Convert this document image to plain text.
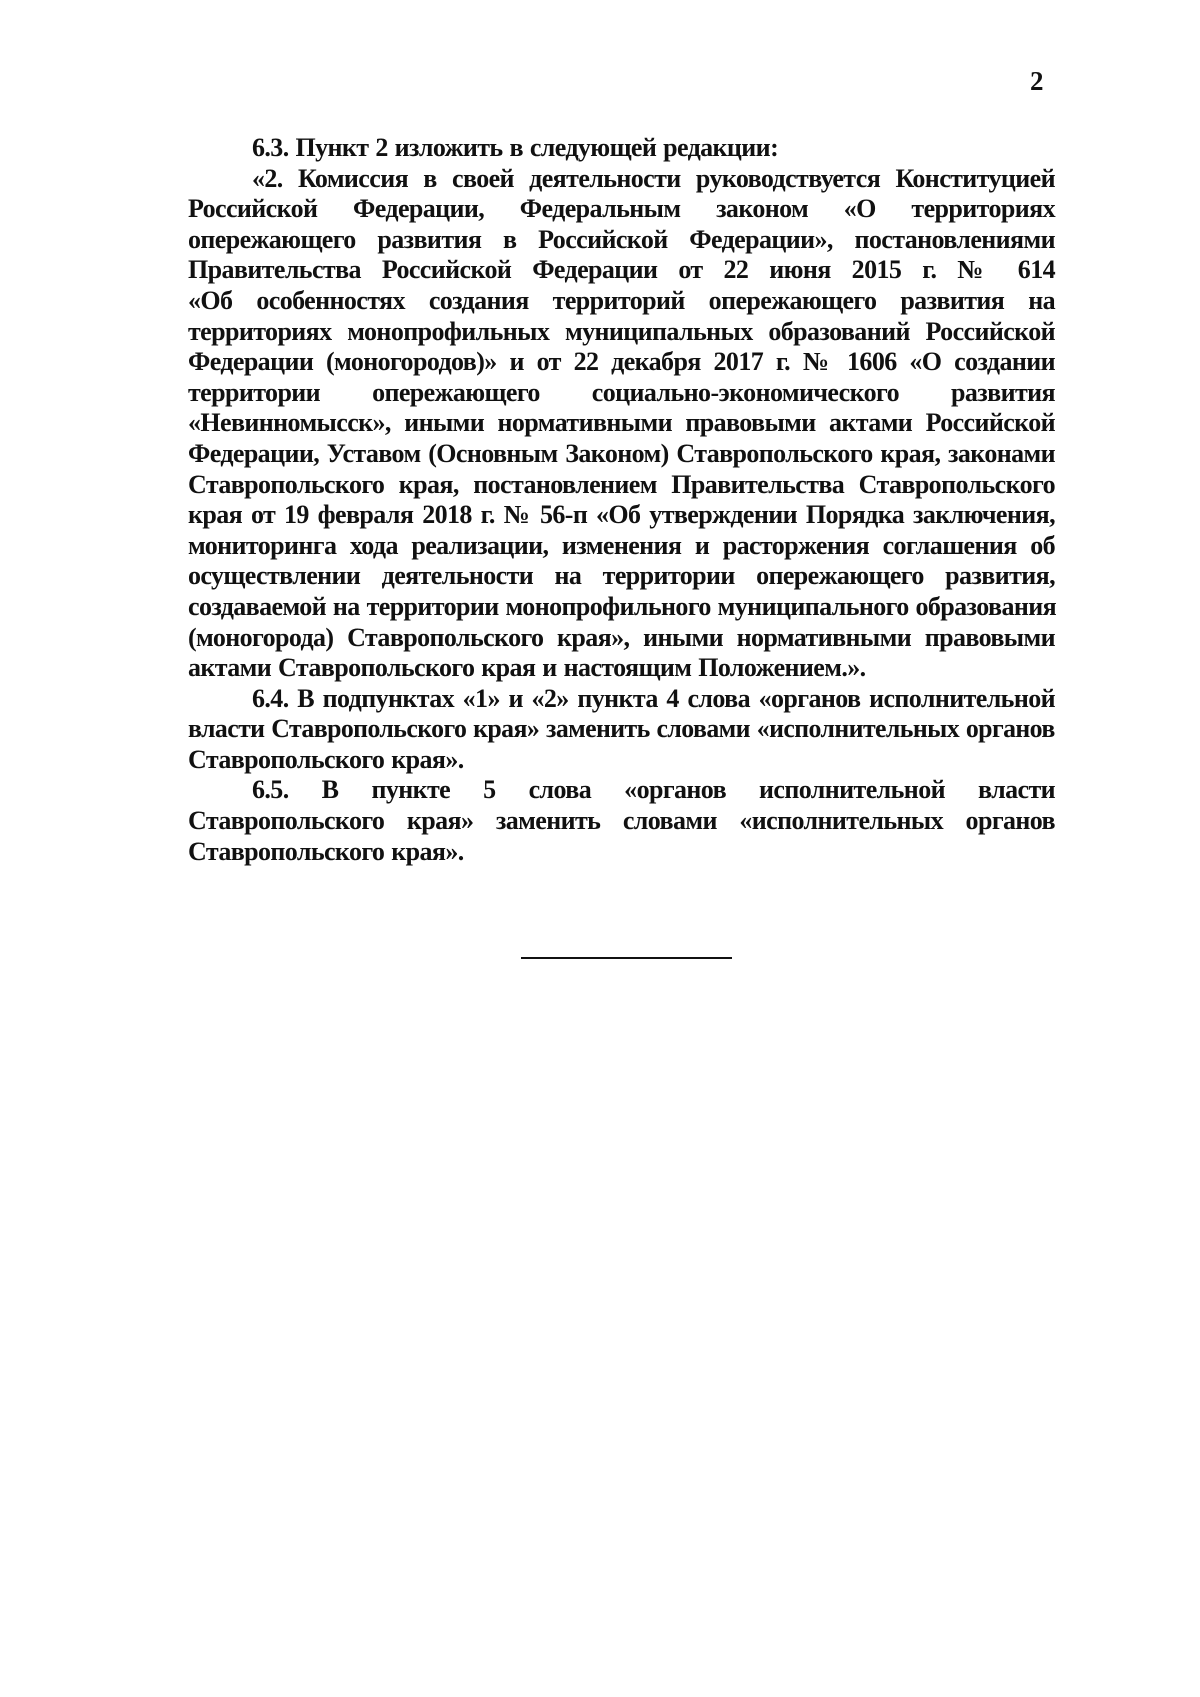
2
6.3. Пункт 2 изложить в следующей редакции:
«2. Комиссия в своей деятельности руководствуется Конституцией
Российской Федерации, Федеральным законом «О территориях
опережающего развития в Российской Федерации», постановлениями
Правительства Российской Федерации от 22 июня 2015 г. № 614
«Об особенностях создания территорий опережающего развития на
территориях монопрофильных муниципальных образований Российской
Федерации (моногородов)» и от 22 декабря 2017 г. № 1606 «О создании
территории опережающего социально-экономического развития
«Невинномысск», иными нормативными правовыми актами Российской
Федерации, Уставом (Основным Законом) Ставропольского края, законами
Ставропольского края, постановлением Правительства Ставропольского
края от 19 февраля 2018 г. № 56-п «Об утверждении Порядка заключения,
мониторинга хода реализации, изменения и расторжения соглашения об
осуществлении деятельности на территории опережающего развития,
создаваемой на территории монопрофильного муниципального образования
(моногорода) Ставропольского края», иными нормативными правовыми
актами Ставропольского края и настоящим Положением.».
6.4. В подпунктах «1» и «2» пункта 4 слова «органов исполнительной
власти Ставропольского края» заменить словами «исполнительных органов
Ставропольского края».
6.5. В пункте 5 слова «органов исполнительной власти
Ставропольского края» заменить словами «исполнительных органов
Ставропольского края».
